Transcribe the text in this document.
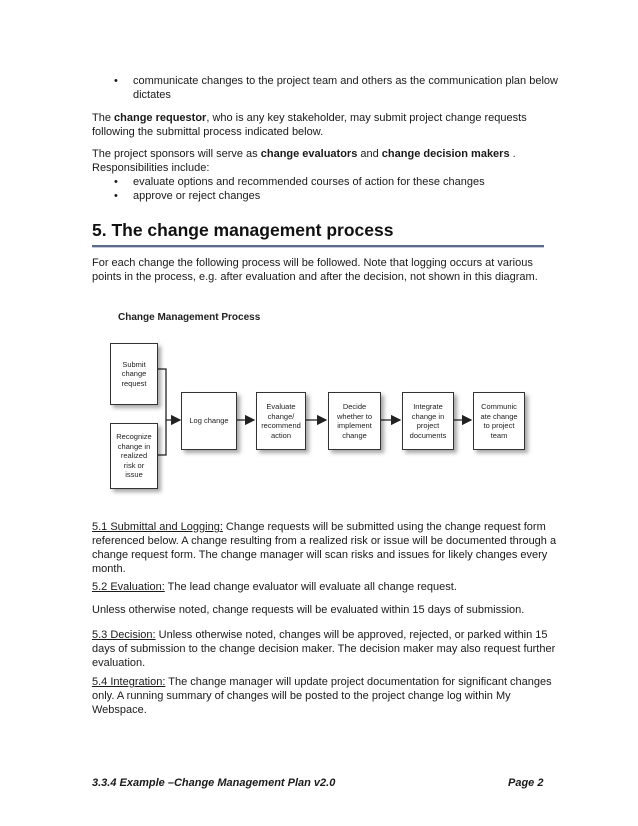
• communicate changes to the project team and others as the communication plan below
dictates
The change requestor, who is any key stakeholder, may submit project change requests
following the submittal process indicated below.
The project sponsors will serve as change evaluators and change decision makers .
Responsibilities include:
• evaluate options and recommended courses of action for these changes
• approve or reject changes
5. The change management process
For each change the following process will be followed. Note that logging occurs at various
points in the process, e.g. after evaluation and after the decision, not shown in this diagram.
Change Management Process
Submit
change
request
Recognize
change in
realized
risk or
issue
Log change
Evaluate
change/
recommend
action
Decide
whether to
implement
change
Integrate
change in
project
documents
Communic
ate change
to project
team
5.1 Submittal and Logging: Change requests will be submitted using the change request form
referenced below. A change resulting from a realized risk or issue will be documented through a
change request form. The change manager will scan risks and issues for likely changes every
month.
5.2 Evaluation: The lead change evaluator will evaluate all change request.
Unless otherwise noted, change requests will be evaluated within 15 days of submission.
5.3 Decision: Unless otherwise noted, changes will be approved, rejected, or parked within 15
days of submission to the change decision maker. The decision maker may also request further
evaluation.
5.4 Integration: The change manager will update project documentation for significant changes
only. A running summary of changes will be posted to the project change log within My
Webspace.
3.3.4 Example –Change Management Plan v2.0	Page 2
